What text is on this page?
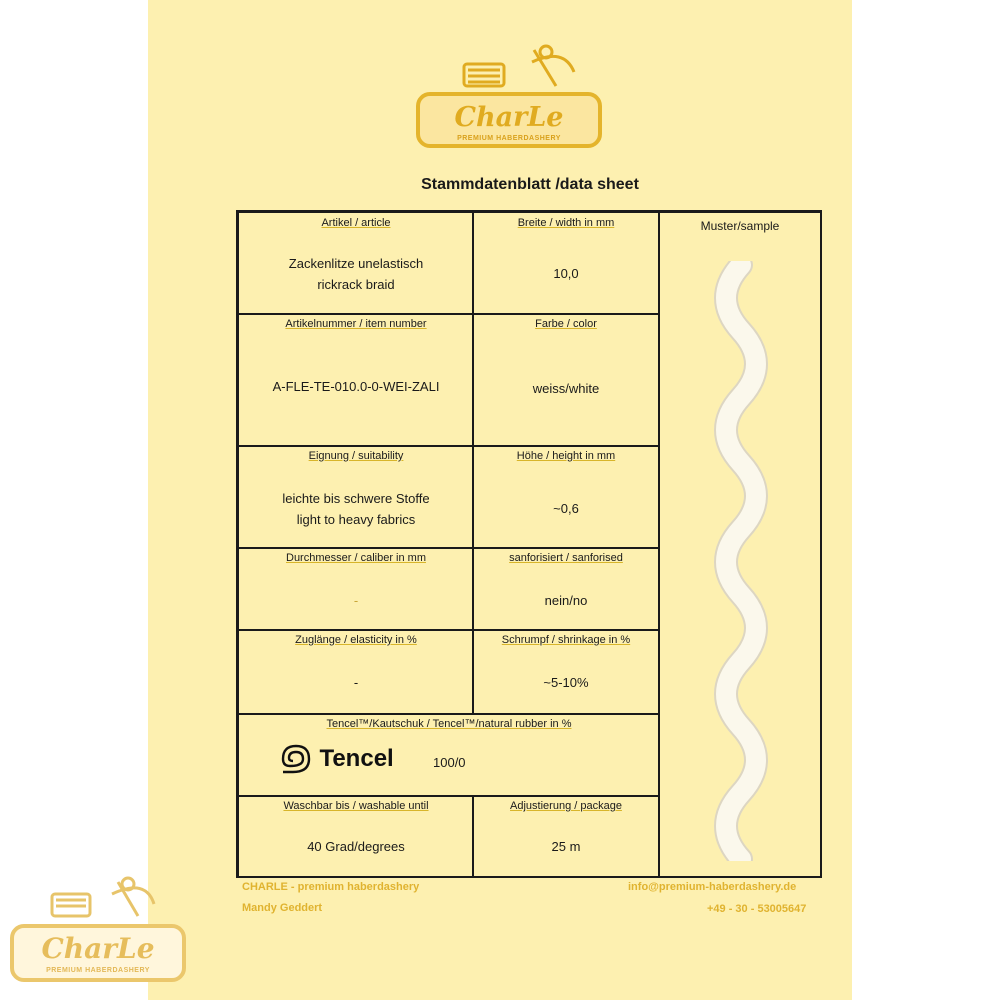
CharLe
PREMIUM HABERDASHERY
Stammdatenblatt /data sheet
Artikel / article
Zackenlitze unelastisch
rickrack braid
Breite / width in mm
10,0
Artikelnummer / item number
A-FLE-TE-010.0-0-WEI-ZALI
Farbe / color
weiss/white
Eignung / suitability
leichte bis schwere Stoffe
light to heavy fabrics
Höhe / height in mm
~0,6
Durchmesser / caliber in mm
-
sanforisiert / sanforised
nein/no
Zuglänge / elasticity in %
-
Schrumpf / shrinkage in %
~5-10%
Tencel™/Kautschuk / Tencel™/natural rubber in %
Tencel	100/0
Waschbar bis / washable until
40 Grad/degrees
Adjustierung / package
25 m
Muster/sample
CHARLE - premium haberdashery
Mandy Geddert
info@premium-haberdashery.de
+49 - 30 - 53005647
CharLe
PREMIUM HABERDASHERY
